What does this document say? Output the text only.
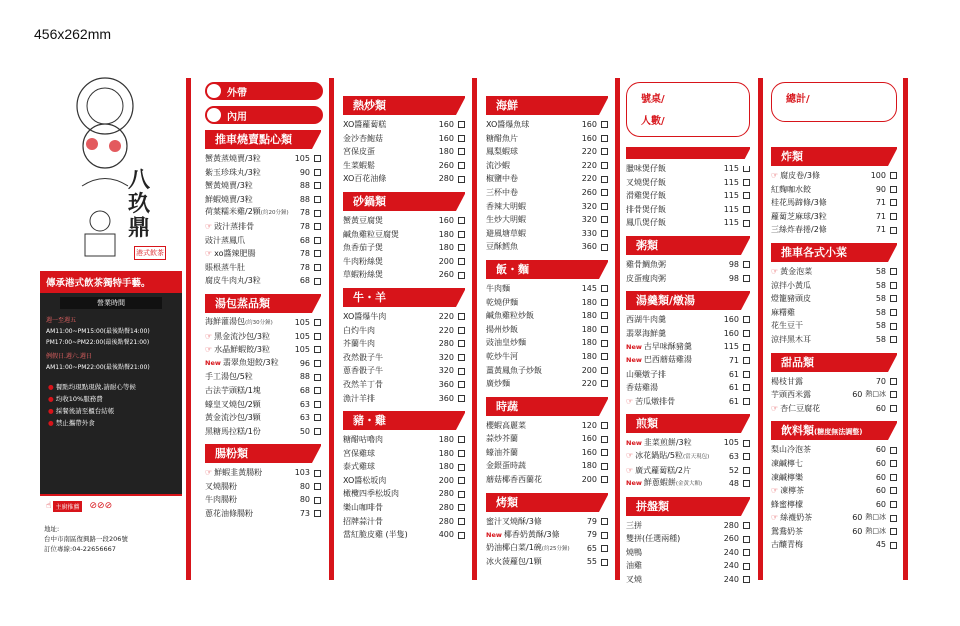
456x262mm
八玖鼎
港式飲茶
傳承港式飲茶獨特手藝。
營業時間
週一至週五
AM11:00~PM15:00(最後點餐14:00)
PM17:00~PM22:00(最後點餐21:00)
例假日.週六.週日
AM11:00~PM22:00(最後點餐21:00)
● 餐點均現點現做,請耐心等候
● 均收10%服務費
● 採餐後請至櫃台結帳
● 禁止攜帶外食
☝ 主廚推薦 ⊘⊘⊘
地址:
台中市南區復興路一段206號
訂位專線:04-22656667
外帶
內用
推車燒賣點心類
蟹黃蒸燒賣/3粒	105
紫玉珍珠丸/3粒	90
蟹黃燒賣/3粒	88
鮮蝦燒賣/3粒	88
荷葉糯米雞/2顆(約20分鐘)	78
☞ 豉汁蒸排骨	78
豉汁蒸鳳爪	68
☞ xo醬辣肥腸	78
賬根蒸牛肚	78
腐皮牛肉丸/3粒	68
湯包蒸品類
海鮮灌湯包(約30分鐘)	105
☞ 黑金流沙包/3粒	105
☞ 水晶鮮蝦餃/3粒	105
New 翡翠魚翅餃/3粒	96
手工湯包/5粒	88
古法芋頭糕/1塊	68
蠔皇叉燒包/2顆	63
黃金流沙包/3顆	63
黑糖馬拉糕/1份	50
腸粉類
☞ 鮮蝦韭黃腸粉	103
叉燒腸粉	80
牛肉腸粉	80
蔥花油條腸粉	73
熱炒類
XO醬蘿蔔糕	160
金沙杏鮑菇	160
宮保皮蛋	180
生菜蝦鬆	260
XO百花油條	280
砂鍋類
蟹黃豆腐煲	160
鹹魚雞粒豆腐煲	180
魚香茄子煲	180
牛肉粉絲煲	200
草蝦粉絲煲	260
牛・羊
XO醬爆牛肉	220
白灼牛肉	220
芥蘭牛肉	280
孜然骰子牛	320
蔥香骰子牛	320
孜然羊丁骨	360
漁汁羊排	360
豬・雞
糖醋咕嚕肉	180
宮保雞球	180
泰式雞球	180
XO醬松坂肉	200
橄欖四季松坂肉	280
樂山咖啡骨	280
招牌蒜汁骨	280
當紅脆皮雞 (半隻)	400
海鮮
XO醬爆魚球	160
糖醋魚片	160
鳳梨蝦球	220
流沙蝦	220
椒鹽中卷	220
三杯中卷	260
香辣大明蝦	320
生炒大明蝦	320
避風塘草蝦	330
豆酥鱈魚	360
飯・麵
牛肉麵	145
乾燒伊麵	180
鹹魚雞粒炒飯	180
揚州炒飯	180
豉油皇炒麵	180
乾炒牛河	180
薑黃鳳魚子炒飯	200
廣炒麵	220
時蔬
櫻蝦高麗菜	120
蒜炒芥蘭	160
蠔油芥蘭	160
金銀蛋時蔬	180
蘑菇椰香西蘭花	200
烤類
蜜汁叉燒酥/3條	79
New 椰香奶黃酥/3條	79
奶油椰白菜/1碗(約25分鐘)	65
冰火菠蘿包/1顆	55
號桌/
人數/
臘味煲仔飯	115
叉燒煲仔飯	115
滑雞煲仔飯	115
排骨煲仔飯	115
鳳爪煲仔飯	115
粥類
雞骨鯛魚粥	98
皮蛋瘦肉粥	98
湯羹類/燉湯
西湖牛肉羹	160
翡翠海鮮羹	160
New 古早味酥豬羹	115
New 巴西蘑菇雞湯	71
山藥燉子排	61
香菇雞湯	61
☞ 苦瓜燉排骨	61
煎類
New 韭菜煎餅/3粒	105
☞ 冰花鍋貼/5粒(當天現包)	63
☞ 廣式蘿蔔糕/2片	52
New 鮮蔥蝦餅(金黃大顆)	48
拼盤類
三拼	280
雙拼(任選兩種)	260
燒鴨	240
油雞	240
叉燒	240
總計/
炸類
☞ 腐皮卷/3條	100
紅麴咖水餃	90
桂花馬蹄條/3條	71
蘿蔔芝麻球/3粒	71
三絲炸春捲/2條	71
推車各式小菜
☞ 黃金泡菜	58
涼拌小黃瓜	58
燈籠豬頭皮	58
麻糬雞	58
花生豆干	58
涼拌黑木耳	58
甜品類
楊枝甘露	70
芋頭西米露	60 熱□冰
☞ 杏仁豆腐花	60
飲料類(糖度無法調整)
梨山冷泡茶	60
凍鹹檸七	60
凍鹹檸樂	60
☞ 凍檸茶	60
蜂蜜檸檬	60
☞ 絲襪奶茶	60 熱□冰
鴛鴦奶茶	60 熱□冰
古釀青梅	45
